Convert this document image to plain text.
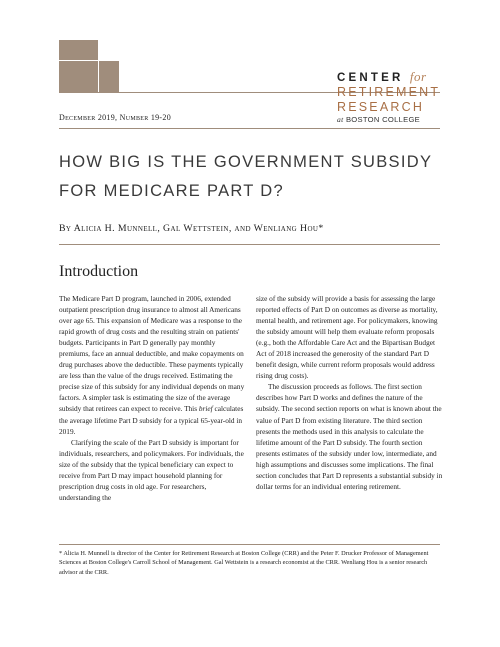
CENTER for
RETIREMENT
RESEARCH
at BOSTON COLLEGE
December 2019, Number 19-20
HOW BIG IS THE GOVERNMENT SUBSIDY FOR MEDICARE PART D?
By Alicia H. Munnell, Gal Wettstein, and Wenliang Hou*
Introduction

The Medicare Part D program, launched in 2006, extended outpatient prescription drug insurance to almost all Americans over age 65. This expansion of Medicare was a response to the rapid growth of drug costs and the resulting strain on patients' budgets. Participants in Part D generally pay monthly premiums, face an annual deductible, and make copayments on drug purchases above the deductible. These payments typically are less than the value of the drugs received. Estimating the precise size of this subsidy for any individual depends on many factors. A simpler task is estimating the size of the average subsidy that retirees can expect to receive. This brief calculates the average lifetime Part D subsidy for a typical 65-year-old in 2019.

Clarifying the scale of the Part D subsidy is important for individuals, researchers, and policymakers. For individuals, the size of the subsidy that the typical beneficiary can expect to receive from Part D may impact household planning for prescription drug costs in old age. For researchers, understanding the

size of the subsidy will provide a basis for assessing the large reported effects of Part D on outcomes as diverse as mortality, mental health, and retirement age. For policymakers, knowing the subsidy amount will help them evaluate reform proposals (e.g., both the Affordable Care Act and the Bipartisan Budget Act of 2018 increased the generosity of the standard Part D benefit design, while current reform proposals would address rising drug costs).

The discussion proceeds as follows. The first section describes how Part D works and defines the nature of the subsidy. The second section reports on what is known about the value of Part D from existing literature. The third section presents the methods used in this analysis to calculate the lifetime amount of the Part D subsidy. The fourth section presents estimates of the subsidy under low, intermediate, and high assumptions and discusses some implications. The final section concludes that Part D represents a substantial subsidy in dollar terms for an individual entering retirement.

* Alicia H. Munnell is director of the Center for Retirement Research at Boston College (CRR) and the Peter F. Drucker Professor of Management Sciences at Boston College's Carroll School of Management. Gal Wettstein is a research economist at the CRR. Wenliang Hou is a senior research advisor at the CRR.
